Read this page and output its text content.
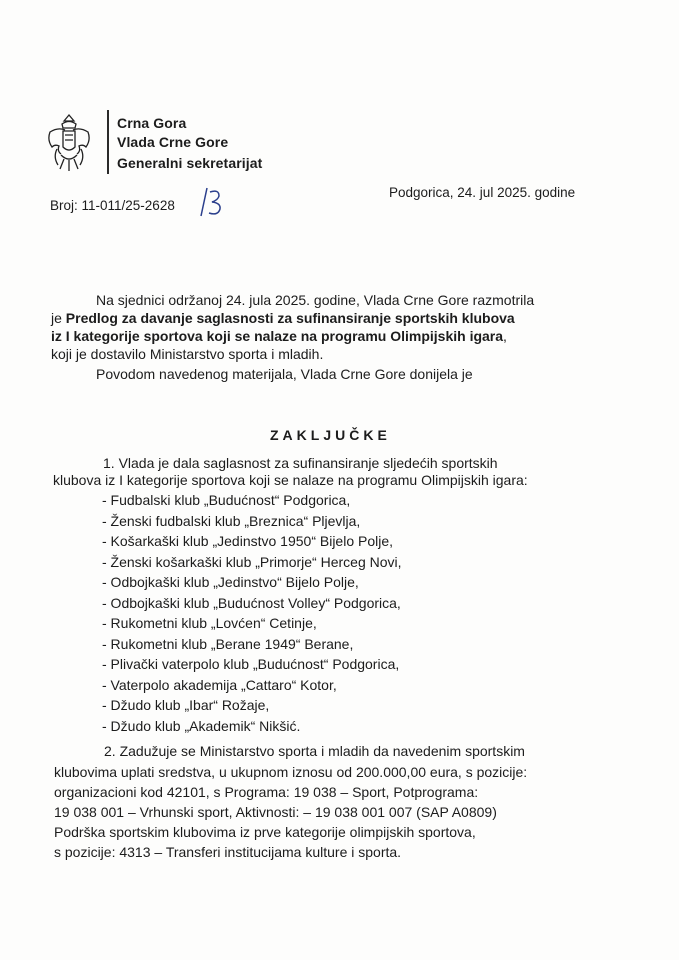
Crna Gora
Vlada Crne Gore
Generalni sekretarijat
Broj: 11-011/25-2628
Podgorica, 24. jul 2025. godine
Na sjednici održanoj 24. jula 2025. godine, Vlada Crne Gore razmotrila
je Predlog za davanje saglasnosti za sufinansiranje sportskih klubova
iz I kategorije sportova koji se nalaze na programu Olimpijskih igara,
koji je dostavilo Ministarstvo sporta i mladih.
Povodom navedenog materijala, Vlada Crne Gore donijela je
ZAKLJUČKE
1. Vlada je dala saglasnost za sufinansiranje sljedećih sportskih
klubova iz I kategorije sportova koji se nalaze na programu Olimpijskih igara:
- Fudbalski klub „Budućnost“ Podgorica,
- Ženski fudbalski klub „Breznica“ Pljevlja,
- Košarkaški klub „Jedinstvo 1950“ Bijelo Polje,
- Ženski košarkaški klub „Primorje“ Herceg Novi,
- Odbojkaški klub „Jedinstvo“ Bijelo Polje,
- Odbojkaški klub „Budućnost Volley“ Podgorica,
- Rukometni klub „Lovćen“ Cetinje,
- Rukometni klub „Berane 1949“ Berane,
- Plivački vaterpolo klub „Budućnost“ Podgorica,
- Vaterpolo akademija „Cattaro“ Kotor,
- Džudo klub „Ibar“ Rožaje,
- Džudo klub „Akademik“ Nikšić.
2. Zadužuje se Ministarstvo sporta i mladih da navedenim sportskim
klubovima uplati sredstva, u ukupnom iznosu od 200.000,00 eura, s pozicije:
organizacioni kod 42101, s Programa: 19 038 – Sport, Potprograma:
19 038 001 – Vrhunski sport, Aktivnosti: – 19 038 001 007 (SAP A0809)
Podrška sportskim klubovima iz prve kategorije olimpijskih sportova,
s pozicije: 4313 – Transferi institucijama kulture i sporta.
